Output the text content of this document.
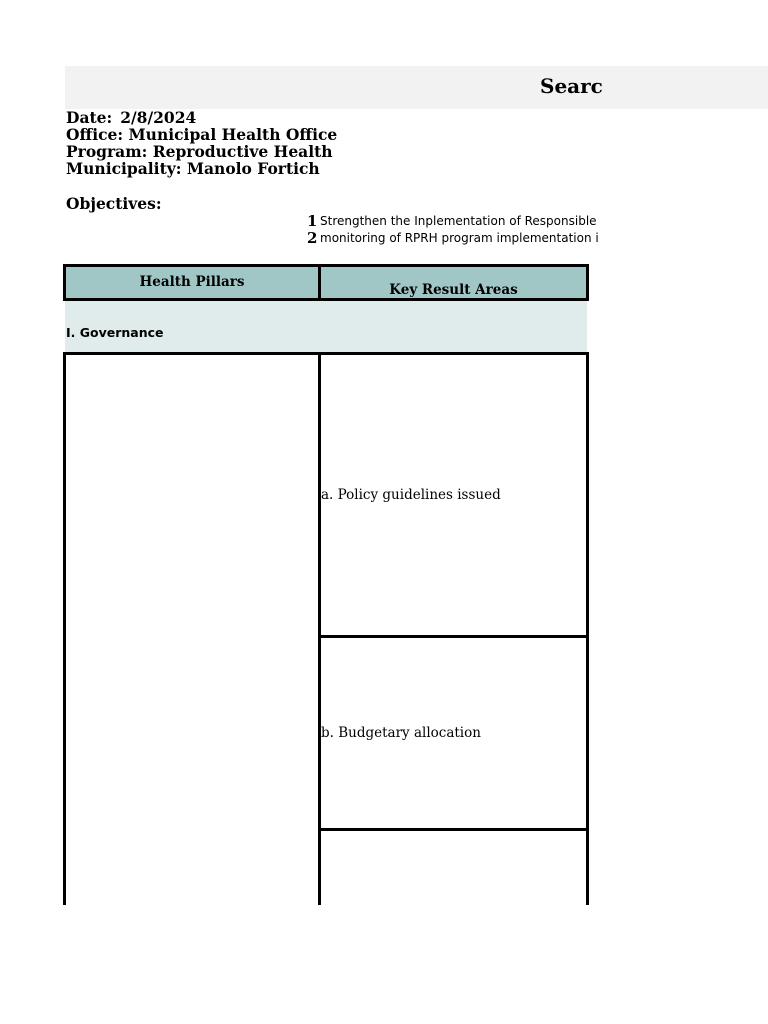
Searc
Date: 2/8/2024
Office: Municipal Health Office
Program: Reproductive Health
Municipality: Manolo Fortich
Objectives:
1 Strengthen the Inplementation of Responsible
2 monitoring of RPRH program implementation i
Health Pillars	Key Result Areas
I. Governance
a. Policy guidelines issued
b. Budgetary allocation
